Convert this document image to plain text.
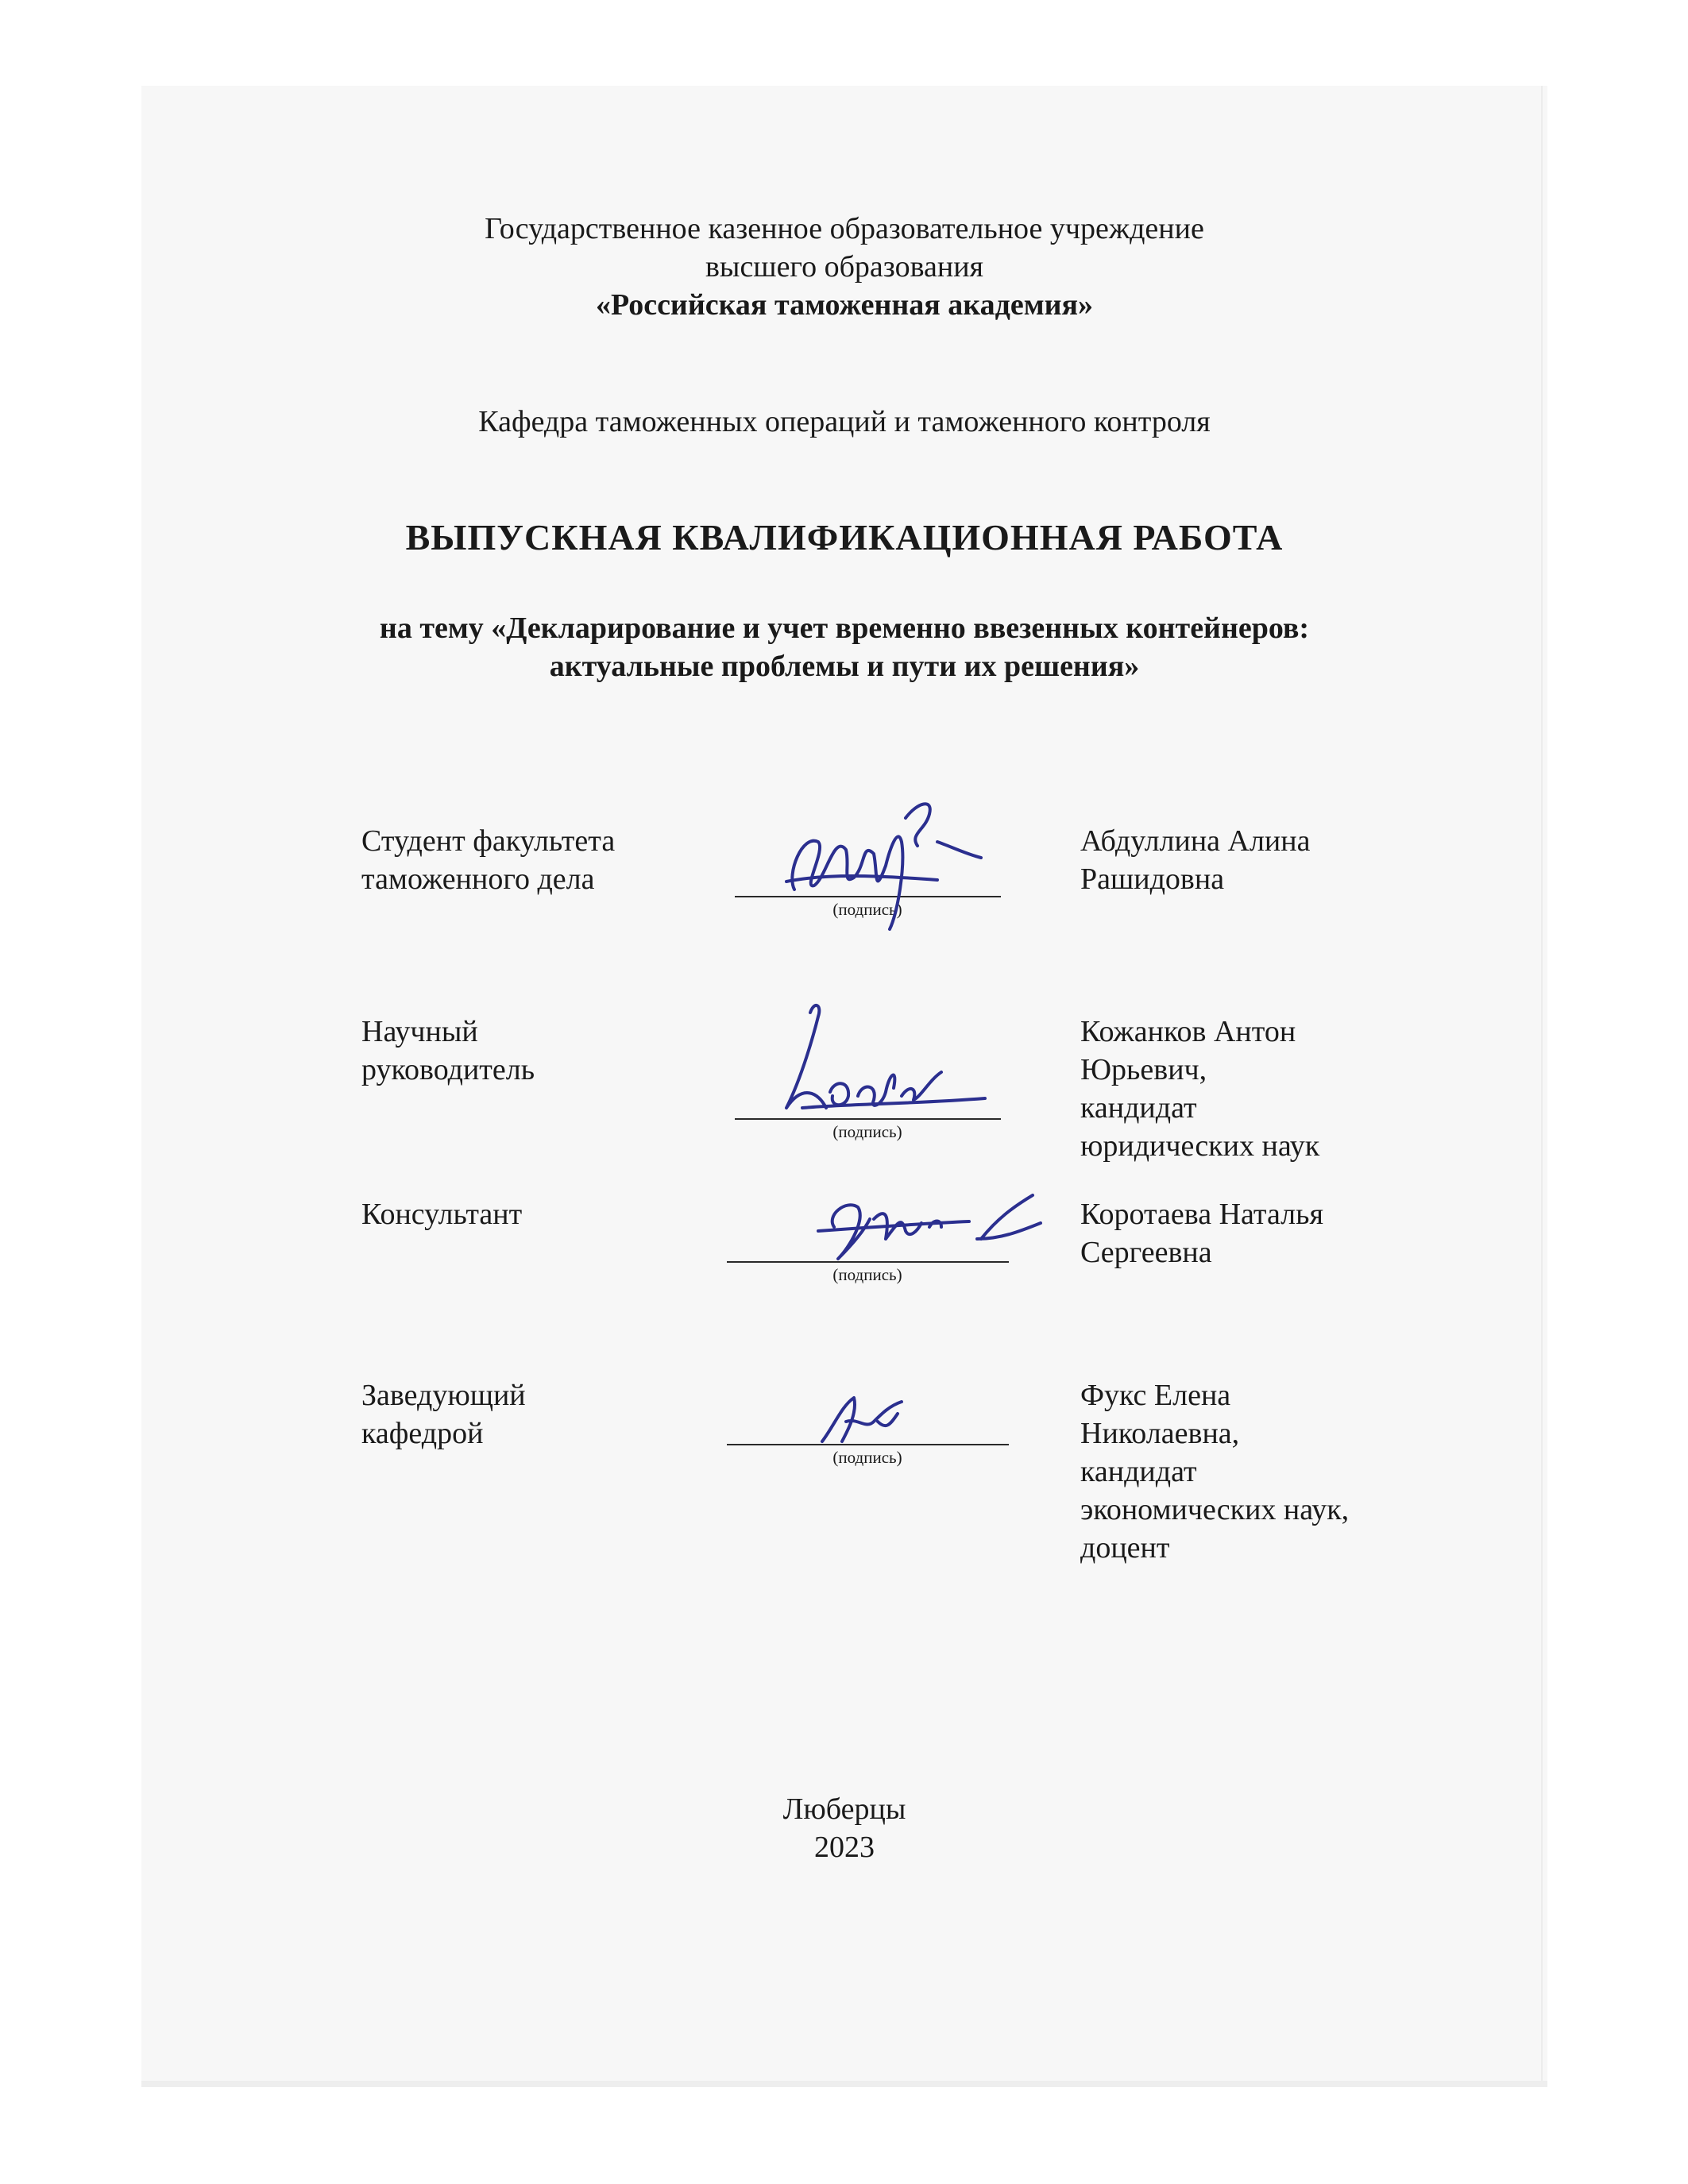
Государственное казенное образовательное учреждение
высшего образования
«Российская таможенная академия»
Кафедра таможенных операций и таможенного контроля
ВЫПУСКНАЯ КВАЛИФИКАЦИОННАЯ РАБОТА
на тему «Декларирование и учет временно ввезенных контейнеров:
актуальные проблемы и пути их решения»
Студент факультета
таможенного дела
(подпись)
Абдуллина Алина
Рашидовна
Научный
руководитель
(подпись)
Кожанков Антон
Юрьевич,
кандидат
юридических наук
Консультант
(подпись)
Коротаева Наталья
Сергеевна
Заведующий
кафедрой
(подпись)
Фукс Елена
Николаевна,
кандидат
экономических наук,
доцент
Люберцы
2023
